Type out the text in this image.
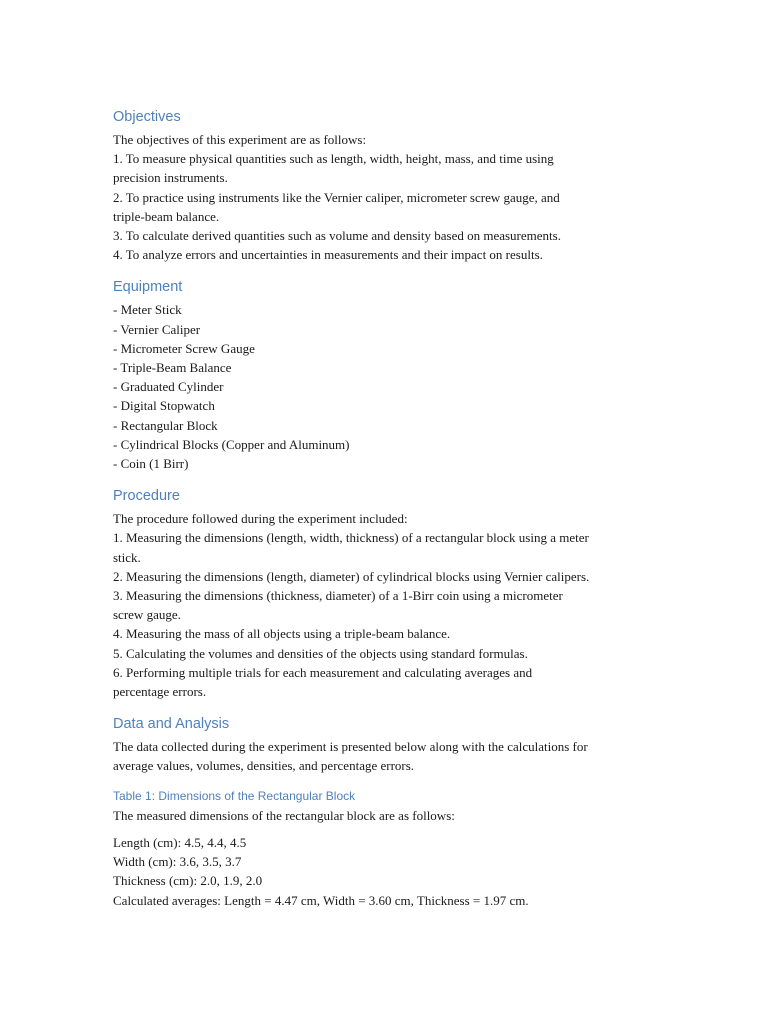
Objectives

The objectives of this experiment are as follows:

1. To measure physical quantities such as length, width, height, mass, and time using

precision instruments.

2. To practice using instruments like the Vernier caliper, micrometer screw gauge, and

triple-beam balance.

3. To calculate derived quantities such as volume and density based on measurements.

4. To analyze errors and uncertainties in measurements and their impact on results.

Equipment

- Meter Stick

- Vernier Caliper

- Micrometer Screw Gauge

- Triple-Beam Balance

- Graduated Cylinder

- Digital Stopwatch

- Rectangular Block

- Cylindrical Blocks (Copper and Aluminum)

- Coin (1 Birr)

Procedure

The procedure followed during the experiment included:

1. Measuring the dimensions (length, width, thickness) of a rectangular block using a meter

stick.

2. Measuring the dimensions (length, diameter) of cylindrical blocks using Vernier calipers.

3. Measuring the dimensions (thickness, diameter) of a 1-Birr coin using a micrometer

screw gauge.

4. Measuring the mass of all objects using a triple-beam balance.

5. Calculating the volumes and densities of the objects using standard formulas.

6. Performing multiple trials for each measurement and calculating averages and

percentage errors.

Data and Analysis

The data collected during the experiment is presented below along with the calculations for

average values, volumes, densities, and percentage errors.

Table 1: Dimensions of the Rectangular Block

The measured dimensions of the rectangular block are as follows:

Length (cm): 4.5, 4.4, 4.5

Width (cm): 3.6, 3.5, 3.7

Thickness (cm): 2.0, 1.9, 2.0

Calculated averages: Length = 4.47 cm, Width = 3.60 cm, Thickness = 1.97 cm.
